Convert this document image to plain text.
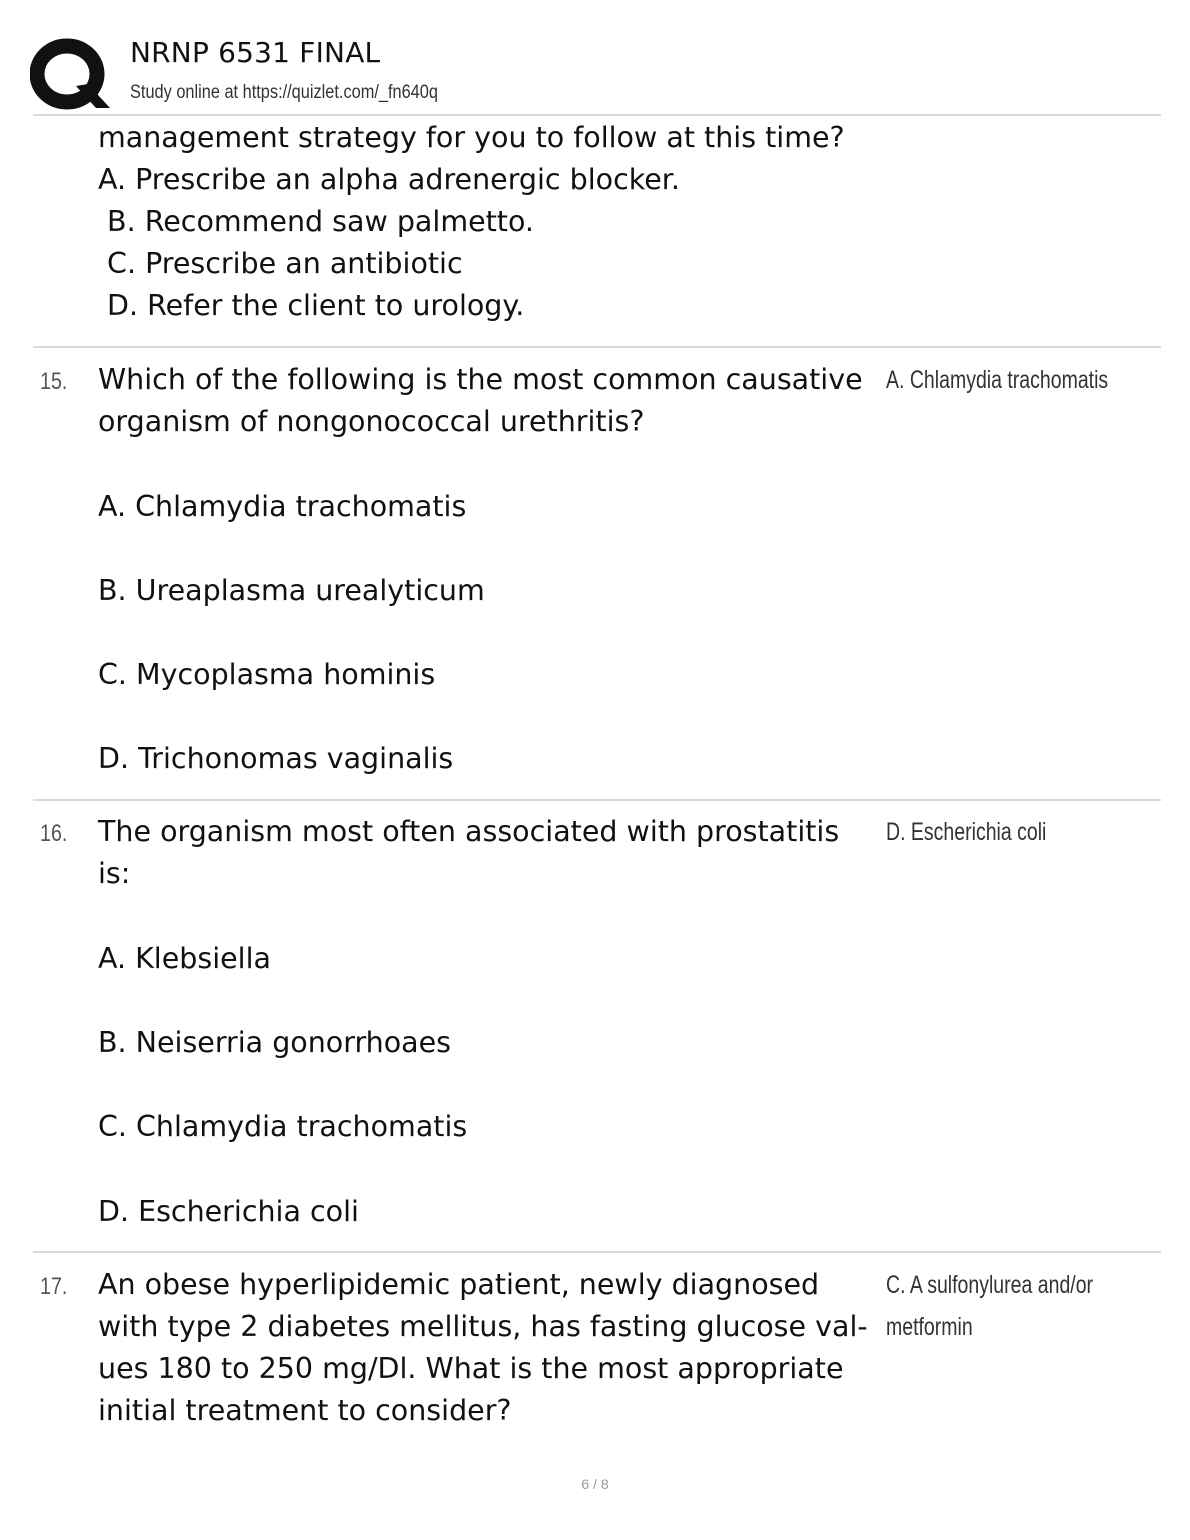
NRNP 6531 FINAL
Study online at https://quizlet.com/_fn640q
management strategy for you to follow at this time?
A. Prescribe an alpha adrenergic blocker.
B. Recommend saw palmetto.
C. Prescribe an antibiotic
D. Refer the client to urology.
15. Which of the following is the most common causative
organism of nongonococcal urethritis?
A. Chlamydia trachomatis
B. Ureaplasma urealyticum
C. Mycoplasma hominis
D. Trichonomas vaginalis
A. Chlamydia trachomatis
16. The organism most often associated with prostatitis
is:
A. Klebsiella
B. Neiserria gonorrhoaes
C. Chlamydia trachomatis
D. Escherichia coli
D. Escherichia coli
17. An obese hyperlipidemic patient, newly diagnosed
with type 2 diabetes mellitus, has fasting glucose val-
ues 180 to 250 mg/Dl. What is the most appropriate
initial treatment to consider?
C. A sulfonylurea and/or
metformin
6 / 8
